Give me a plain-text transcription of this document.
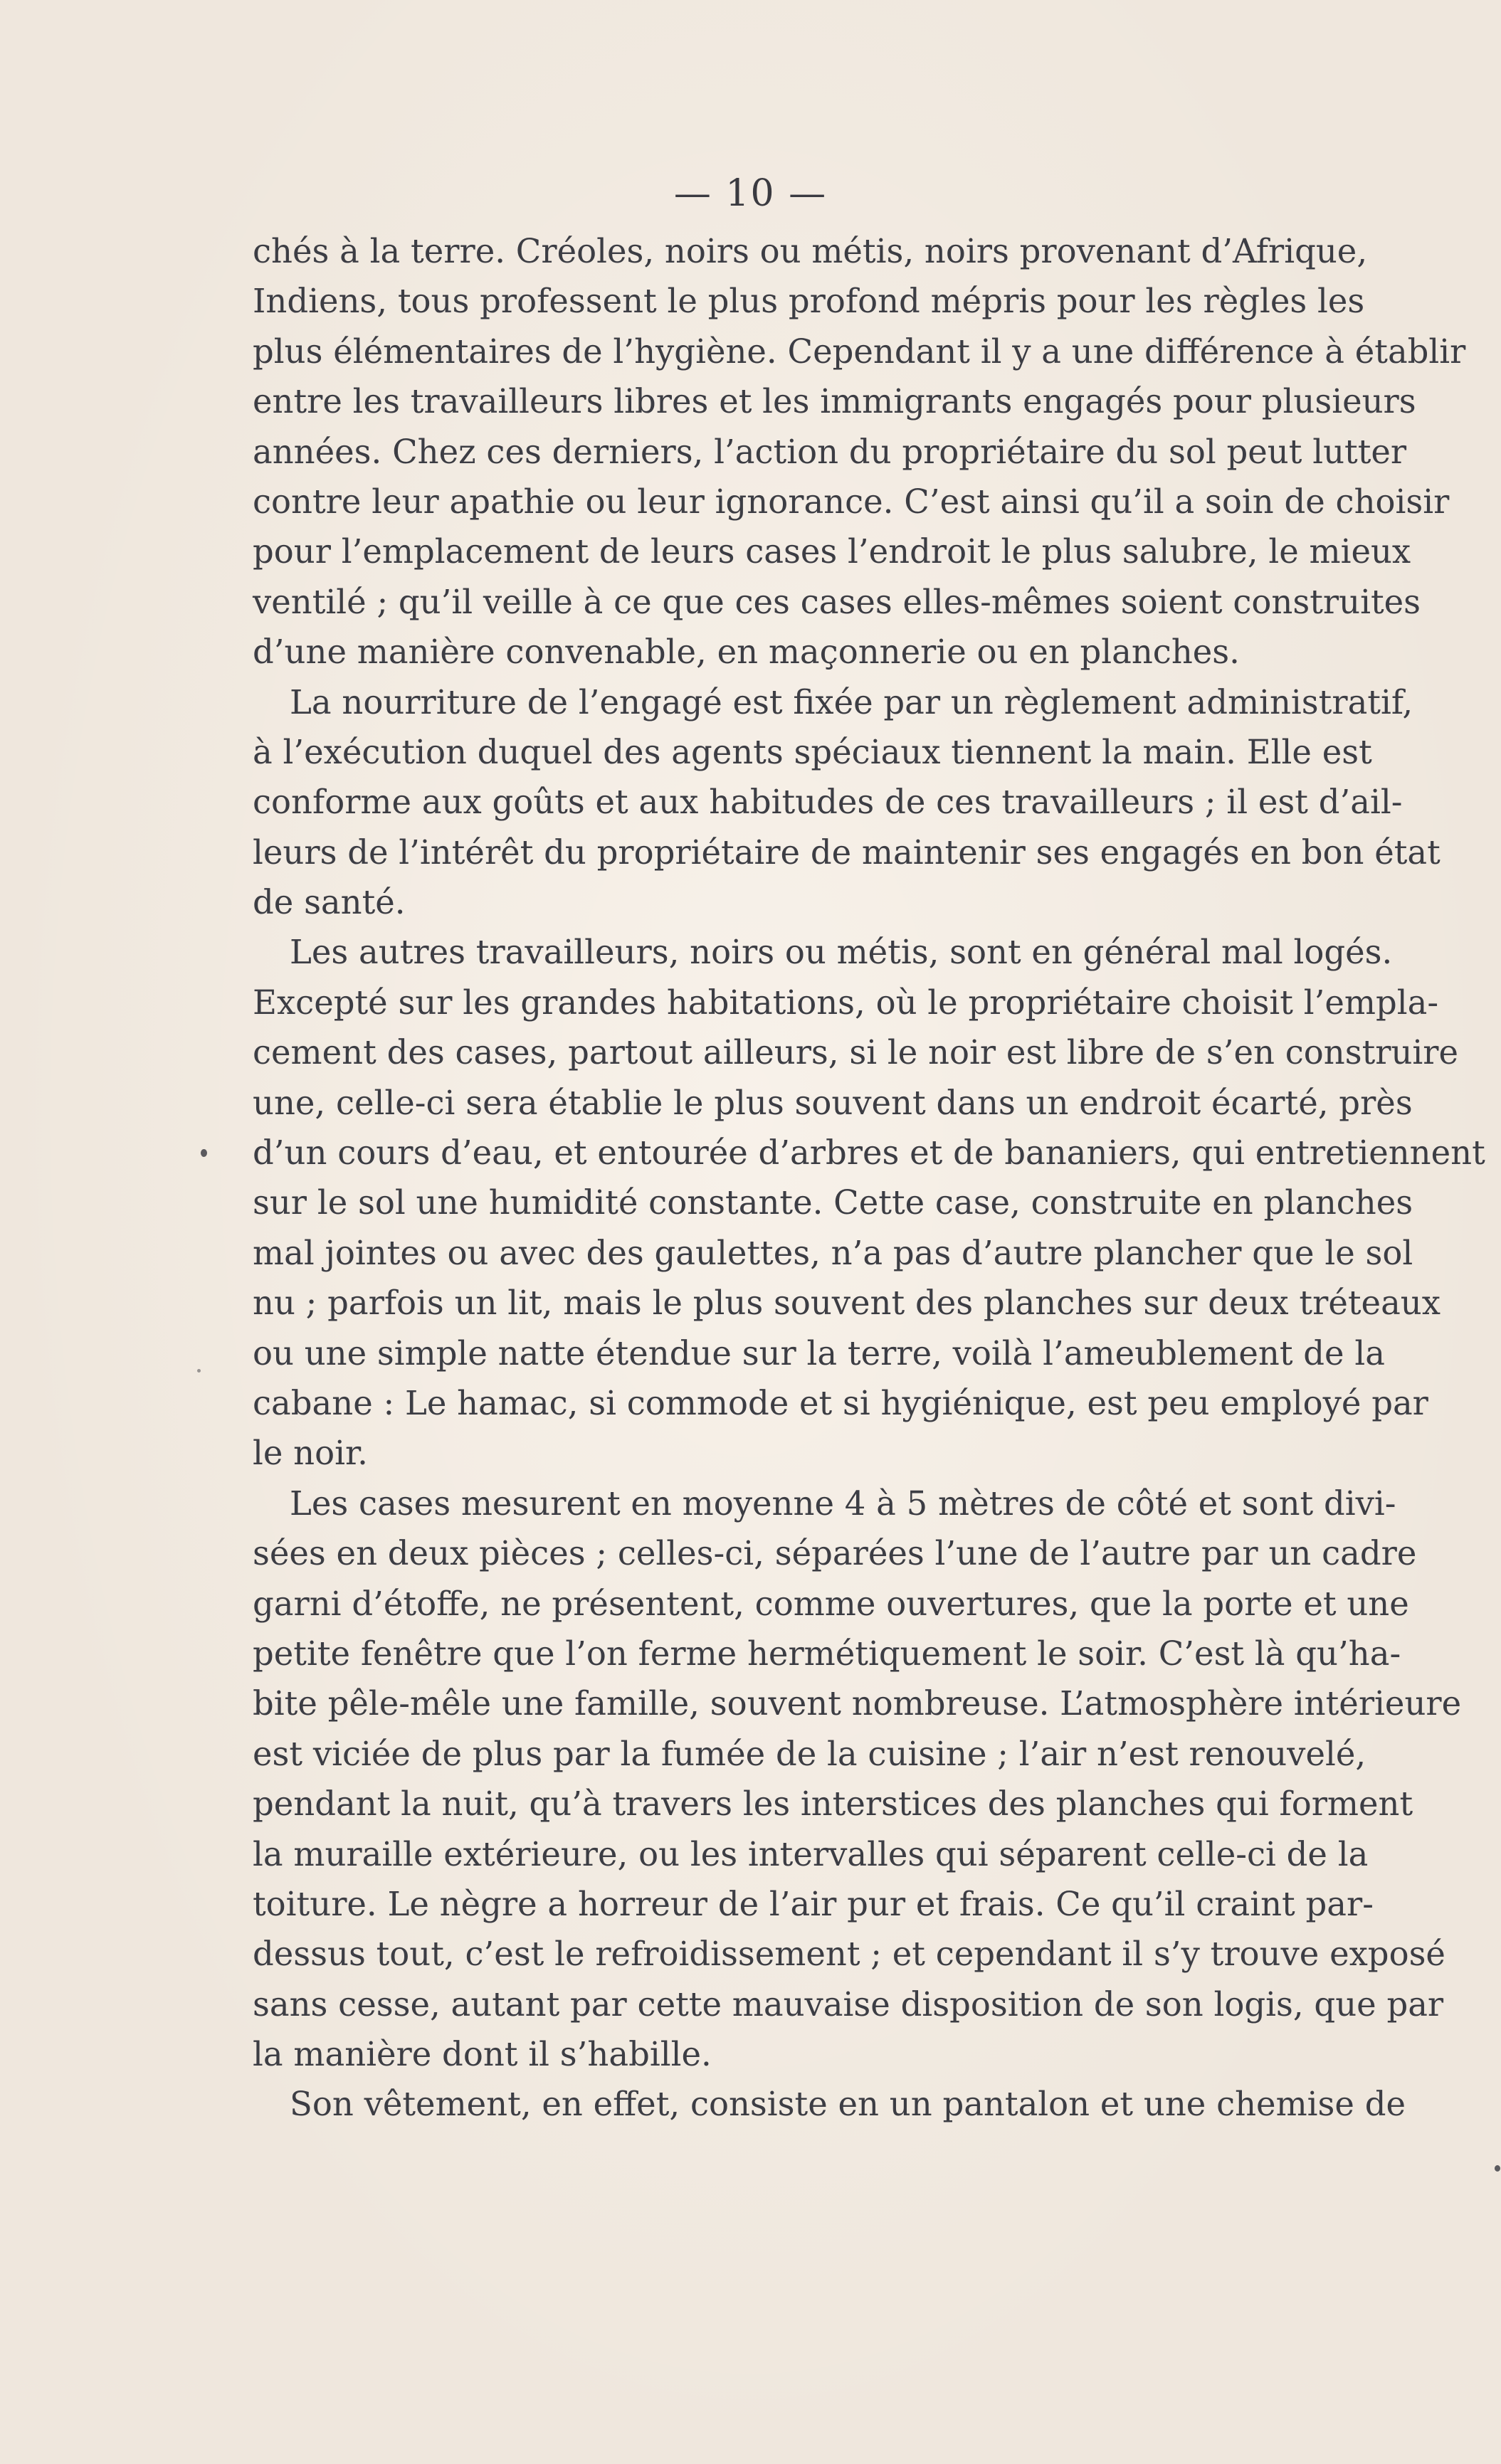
— 10 —
chés à la terre. Créoles, noirs ou métis, noirs provenant d’Afrique,
Indiens, tous professent le plus profond mépris pour les règles les
plus élémentaires de l’hygiène. Cependant il y a une différence à établir
entre les travailleurs libres et les immigrants engagés pour plusieurs
années. Chez ces derniers, l’action du propriétaire du sol peut lutter
contre leur apathie ou leur ignorance. C’est ainsi qu’il a soin de choisir
pour l’emplacement de leurs cases l’endroit le plus salubre, le mieux
ventilé ; qu’il veille à ce que ces cases elles-mêmes soient construites
d’une manière convenable, en maçonnerie ou en planches.
La nourriture de l’engagé est fixée par un règlement administratif,
à l’exécution duquel des agents spéciaux tiennent la main. Elle est
conforme aux goûts et aux habitudes de ces travailleurs ; il est d’ail-
leurs de l’intérêt du propriétaire de maintenir ses engagés en bon état
de santé.
Les autres travailleurs, noirs ou métis, sont en général mal logés.
Excepté sur les grandes habitations, où le propriétaire choisit l’empla-
cement des cases, partout ailleurs, si le noir est libre de s’en construire
une, celle-ci sera établie le plus souvent dans un endroit écarté, près
d’un cours d’eau, et entourée d’arbres et de bananiers, qui entretiennent
sur le sol une humidité constante. Cette case, construite en planches
mal jointes ou avec des gaulettes, n’a pas d’autre plancher que le sol
nu ; parfois un lit, mais le plus souvent des planches sur deux tréteaux
ou une simple natte étendue sur la terre, voilà l’ameublement de la
cabane : Le hamac, si commode et si hygiénique, est peu employé par
le noir.
Les cases mesurent en moyenne 4 à 5 mètres de côté et sont divi-
sées en deux pièces ; celles-ci, séparées l’une de l’autre par un cadre
garni d’étoffe, ne présentent, comme ouvertures, que la porte et une
petite fenêtre que l’on ferme hermétiquement le soir. C’est là qu’ha-
bite pêle-mêle une famille, souvent nombreuse. L’atmosphère intérieure
est viciée de plus par la fumée de la cuisine ; l’air n’est renouvelé,
pendant la nuit, qu’à travers les interstices des planches qui forment
la muraille extérieure, ou les intervalles qui séparent celle-ci de la
toiture. Le nègre a horreur de l’air pur et frais. Ce qu’il craint par-
dessus tout, c’est le refroidissement ; et cependant il s’y trouve exposé
sans cesse, autant par cette mauvaise disposition de son logis, que par
la manière dont il s’habille.
Son vêtement, en effet, consiste en un pantalon et une chemise de
